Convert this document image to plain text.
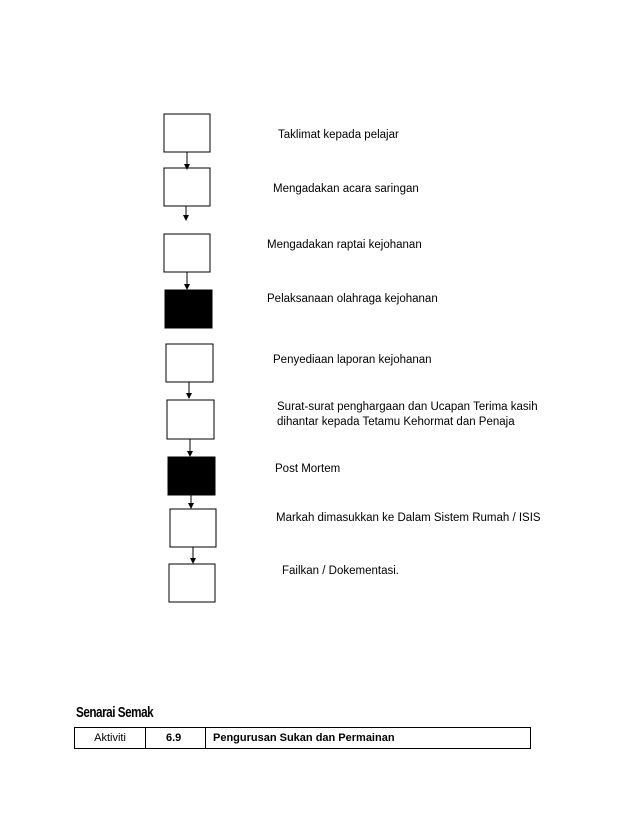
Taklimat kepada pelajar
Mengadakan acara saringan
Mengadakan raptai kejohanan
Pelaksanaan olahraga kejohanan
Penyediaan laporan kejohanan
Surat-surat penghargaan dan Ucapan Terima kasih
dihantar kepada Tetamu Kehormat dan Penaja
Post Mortem
Markah dimasukkan ke Dalam Sistem Rumah / ISIS
Failkan / Dokementasi.
Senarai Semak
Aktiviti	6.9	Pengurusan Sukan dan Permainan
